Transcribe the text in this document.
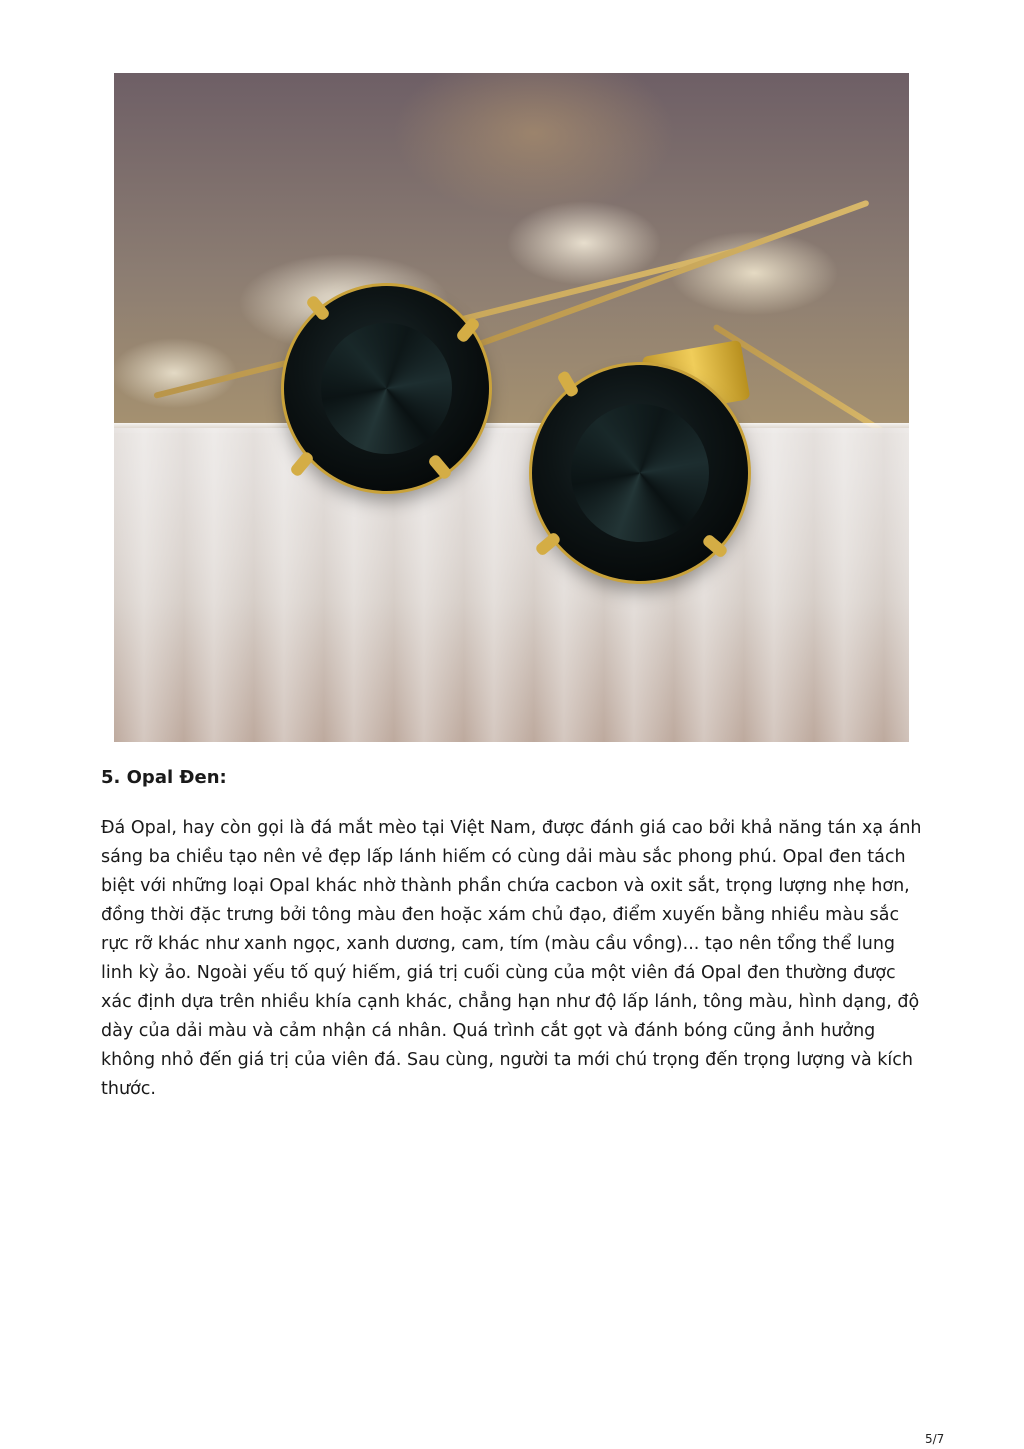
5. Opal Đen:

Đá Opal, hay còn gọi là đá mắt mèo tại Việt Nam, được đánh giá cao bởi khả năng tán xạ ánh sáng ba chiều tạo nên vẻ đẹp lấp lánh hiếm có cùng dải màu sắc phong phú. Opal đen tách biệt với những loại Opal khác nhờ thành phần chứa cacbon và oxit sắt, trọng lượng nhẹ hơn, đồng thời đặc trưng bởi tông màu đen hoặc xám chủ đạo, điểm xuyến bằng nhiều màu sắc rực rỡ khác như xanh ngọc, xanh dương, cam, tím (màu cầu vồng)... tạo nên tổng thể lung linh kỳ ảo. Ngoài yếu tố quý hiếm, giá trị cuối cùng của một viên đá Opal đen thường được xác định dựa trên nhiều khía cạnh khác, chẳng hạn như độ lấp lánh, tông màu, hình dạng, độ dày của dải màu và cảm nhận cá nhân. Quá trình cắt gọt và đánh bóng cũng ảnh hưởng không nhỏ đến giá trị của viên đá. Sau cùng, người ta mới chú trọng đến trọng lượng và kích thước.

5/7
